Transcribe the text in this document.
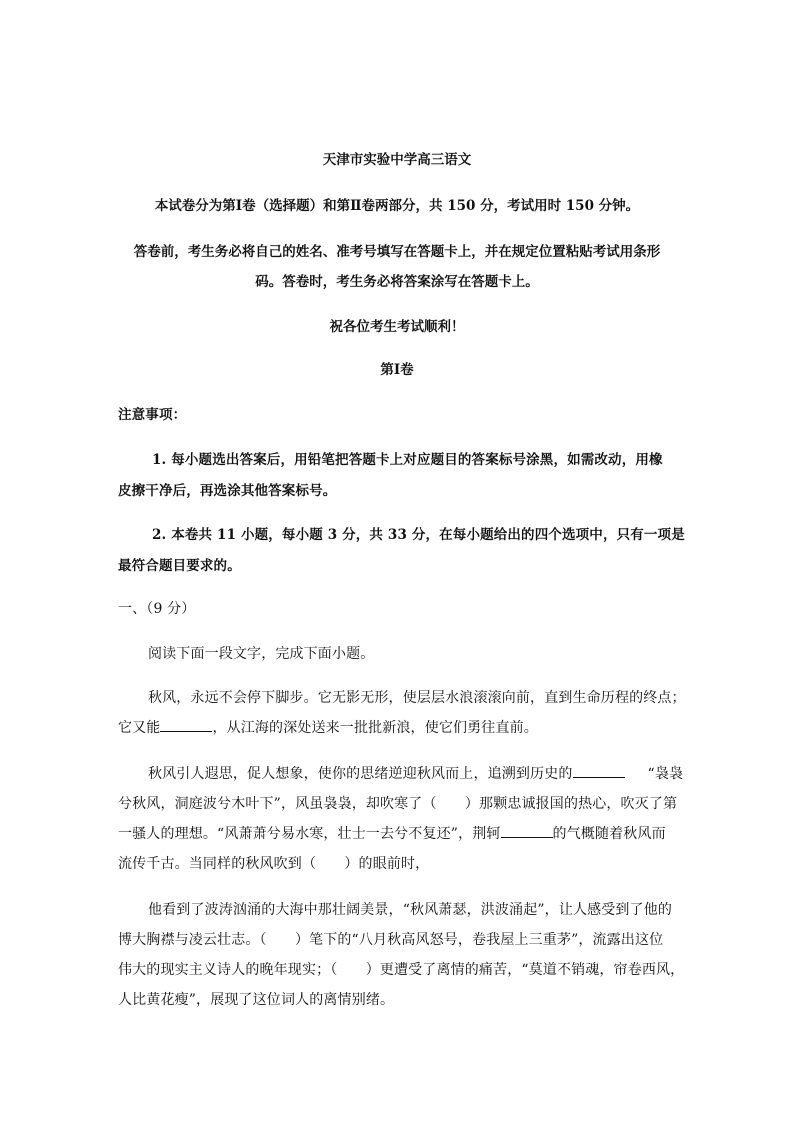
天津市实验中学高三语文
本试卷分为第Ⅰ卷（选择题）和第Ⅱ卷两部分，共 150 分，考试用时 150 分钟。
答卷前，考生务必将自己的姓名、准考号填写在答题卡上，并在规定位置粘贴考试用条形
码。答卷时，考生务必将答案涂写在答题卡上。
祝各位考生考试顺利！
第Ⅰ卷
注意事项：
1. 每小题选出答案后，用铅笔把答题卡上对应题目的答案标号涂黑，如需改动，用橡
皮擦干净后，再选涂其他答案标号。
2. 本卷共 11 小题，每小题 3 分，共 33 分，在每小题给出的四个选项中，只有一项是
最符合题目要求的。
一、（9 分）
阅读下面一段文字，完成下面小题。
秋风，永远不会停下脚步。它无影无形，使层层水浪滚滚向前，直到生命历程的终点；
它又能	，从江海的深处送来一批批新浪，使它们勇往直前。
秋风引人遐思，促人想象，使你的思绪逆迎秋风而上，追溯到历史的	“袅袅
兮秋风，洞庭波兮木叶下”，风虽袅袅，却吹寒了（　　）那颗忠诚报国的热心，吹灭了第
一骚人的理想。“风萧萧兮易水寒，壮士一去兮不复还”，荆轲	的气概随着秋风而
流传千古。当同样的秋风吹到（　　）的眼前时，
他看到了波涛汹涌的大海中那壮阔美景，“秋风萧瑟，洪波涌起”，让人感受到了他的
博大胸襟与凌云壮志。（　　）笔下的“八月秋高风怒号，卷我屋上三重茅”，流露出这位
伟大的现实主义诗人的晚年现实；（　　）更遭受了离情的痛苦，“莫道不销魂，帘卷西风，
人比黄花瘦”，展现了这位词人的离情别绪。
